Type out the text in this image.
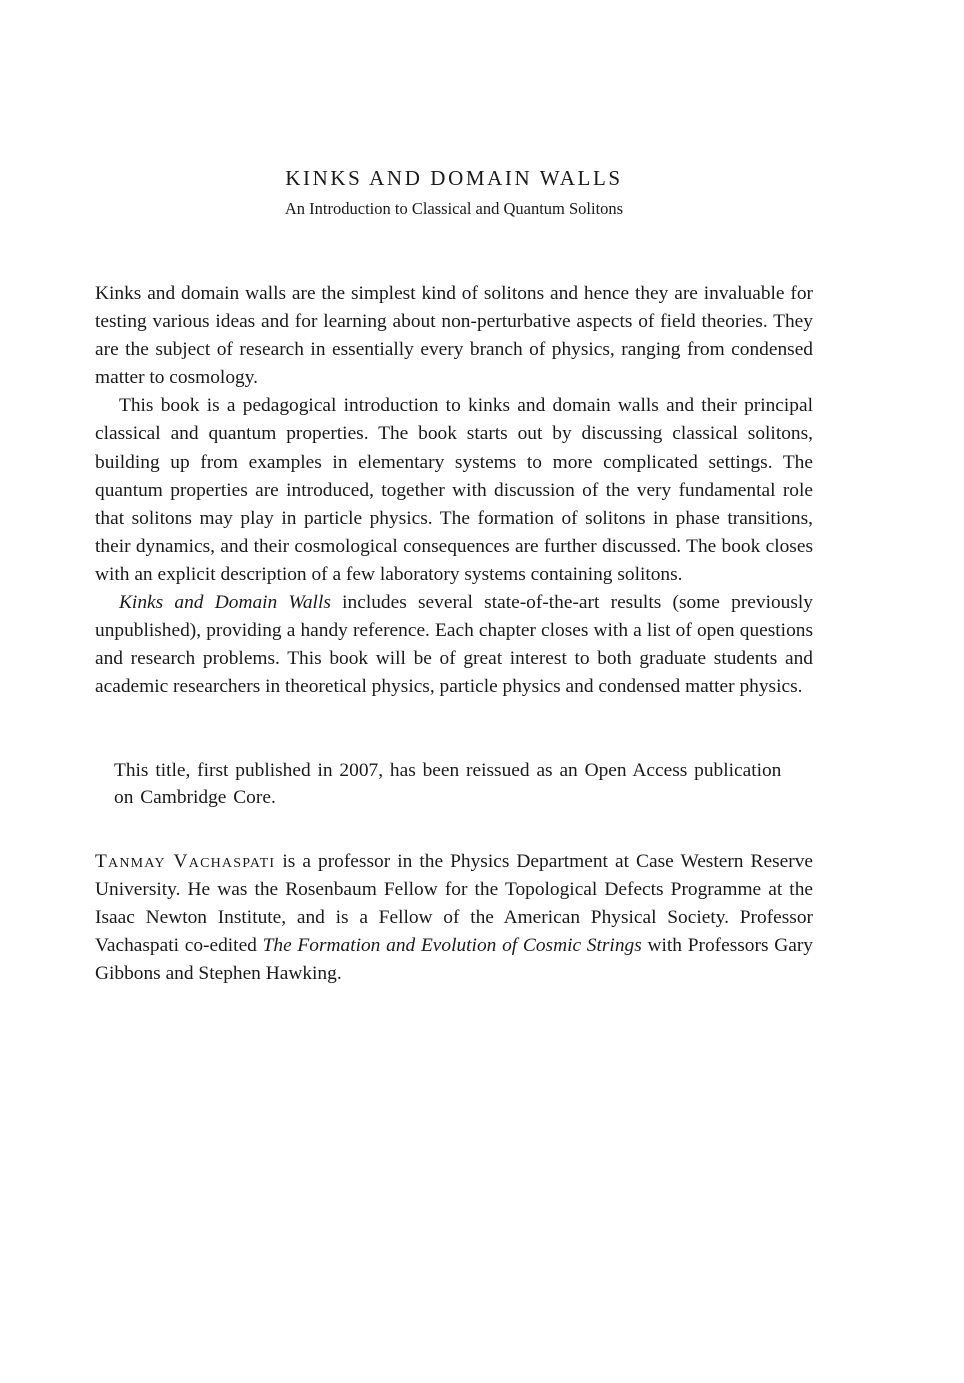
KINKS AND DOMAIN WALLS
An Introduction to Classical and Quantum Solitons

Kinks and domain walls are the simplest kind of solitons and hence they are invaluable for testing various ideas and for learning about non-perturbative aspects of field theories. They are the subject of research in essentially every branch of physics, ranging from condensed matter to cosmology.

This book is a pedagogical introduction to kinks and domain walls and their principal classical and quantum properties. The book starts out by discussing classical solitons, building up from examples in elementary systems to more complicated settings. The quantum properties are introduced, together with discussion of the very fundamental role that solitons may play in particle physics. The formation of solitons in phase transitions, their dynamics, and their cosmological consequences are further discussed. The book closes with an explicit description of a few laboratory systems containing solitons.

Kinks and Domain Walls includes several state-of-the-art results (some previously unpublished), providing a handy reference. Each chapter closes with a list of open questions and research problems. This book will be of great interest to both graduate students and academic researchers in theoretical physics, particle physics and condensed matter physics.

This title, first published in 2007, has been reissued as an Open Access publication on Cambridge Core.

Tanmay Vachaspati is a professor in the Physics Department at Case Western Reserve University. He was the Rosenbaum Fellow for the Topological Defects Programme at the Isaac Newton Institute, and is a Fellow of the American Physical Society. Professor Vachaspati co-edited The Formation and Evolution of Cosmic Strings with Professors Gary Gibbons and Stephen Hawking.
